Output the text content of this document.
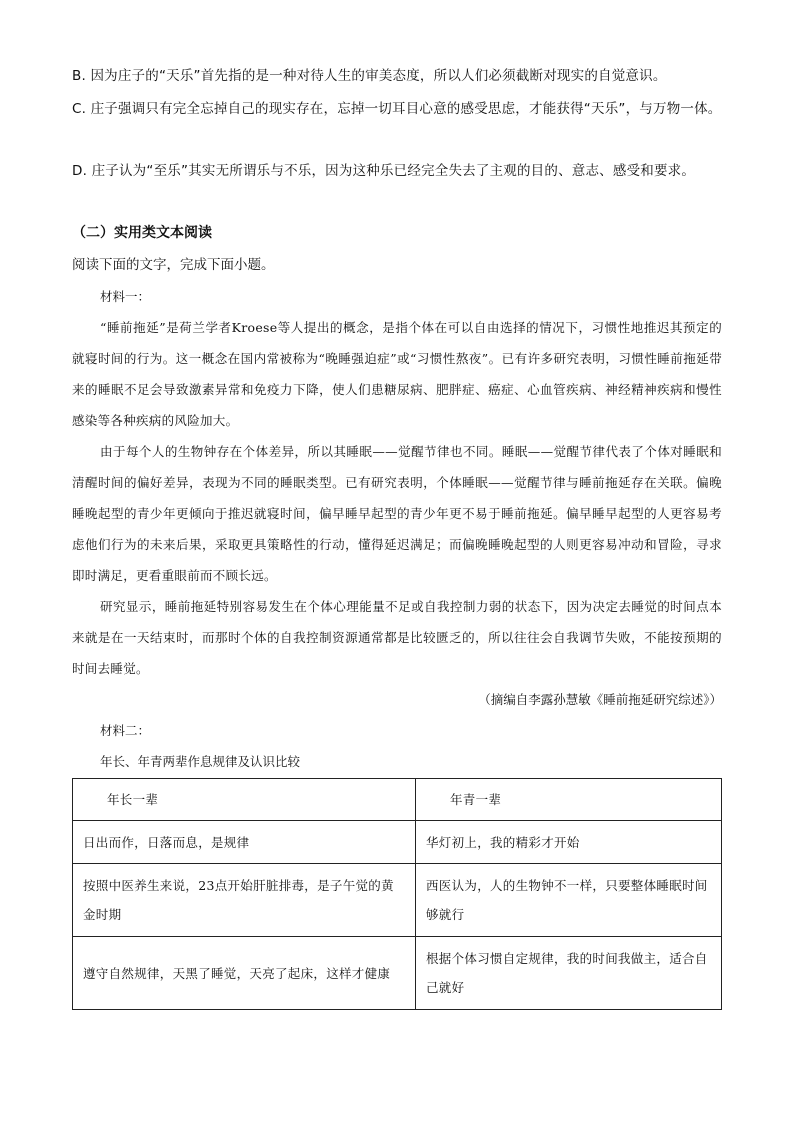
B. 因为庄子的“天乐”首先指的是一种对待人生的审美态度，所以人们必须截断对现实的自觉意识。

C. 庄子强调只有完全忘掉自己的现实存在，忘掉一切耳目心意的感受思虑，才能获得“天乐”，与万物一体。

D. 庄子认为“至乐”其实无所谓乐与不乐，因为这种乐已经完全失去了主观的目的、意志、感受和要求。

（二）实用类文本阅读

阅读下面的文字，完成下面小题。

材料一：

“睡前拖延”是荷兰学者Kroese等人提出的概念，是指个体在可以自由选择的情况下，习惯性地推迟其预定的就寝时间的行为。这一概念在国内常被称为“晚睡强迫症”或“习惯性熬夜”。已有许多研究表明，习惯性睡前拖延带来的睡眠不足会导致激素异常和免疫力下降，使人们患糖尿病、肥胖症、癌症、心血管疾病、神经精神疾病和慢性感染等各种疾病的风险加大。

由于每个人的生物钟存在个体差异，所以其睡眠——觉醒节律也不同。睡眠——觉醒节律代表了个体对睡眠和清醒时间的偏好差异，表现为不同的睡眠类型。已有研究表明，个体睡眠——觉醒节律与睡前拖延存在关联。偏晚睡晚起型的青少年更倾向于推迟就寝时间，偏早睡早起型的青少年更不易于睡前拖延。偏早睡早起型的人更容易考虑他们行为的未来后果，采取更具策略性的行动，懂得延迟满足；而偏晚睡晚起型的人则更容易冲动和冒险，寻求即时满足，更看重眼前而不顾长远。

研究显示，睡前拖延特别容易发生在个体心理能量不足或自我控制力弱的状态下，因为决定去睡觉的时间点本来就是在一天结束时，而那时个体的自我控制资源通常都是比较匮乏的，所以往往会自我调节失败，不能按预期的时间去睡觉。

（摘编自李露孙慧敏《睡前拖延研究综述》）

材料二：

年长、年青两辈作息规律及认识比较

年长一辈	年青一辈
日出而作，日落而息，是规律	华灯初上，我的精彩才开始
按照中医养生来说，23点开始肝脏排毒，是子午觉的黄金时期	西医认为，人的生物钟不一样，只要整体睡眠时间够就行
遵守自然规律，天黑了睡觉，天亮了起床，这样才健康	根据个体习惯自定规律，我的时间我做主，适合自己就好
